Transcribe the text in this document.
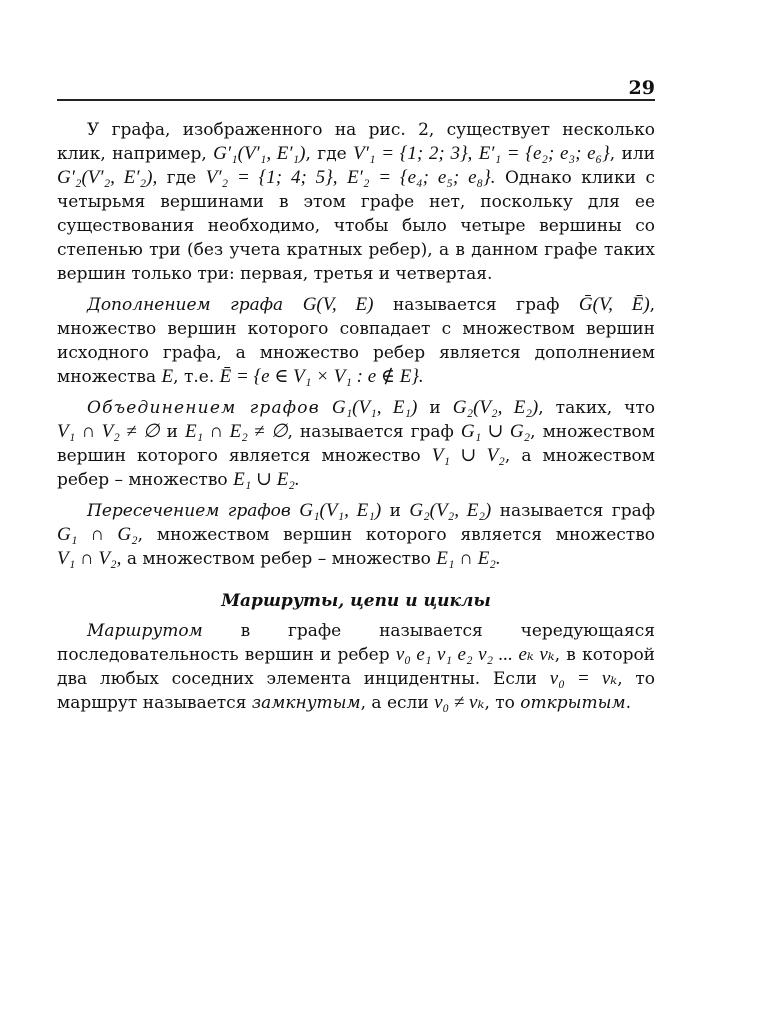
29

У графа, изображенного на рис. 2, существует несколько клик, например, G′₁(V′₁, E′₁), где V′₁ = {1; 2; 3}, E′₁ = {e₂; e₃; e₆}, или G′₂(V′₂, E′₂), где V′₂ = {1; 4; 5}, E′₂ = {e₄; e₅; e₈}. Однако клики с четырьмя вершинами в этом графе нет, поскольку для ее существования необходимо, чтобы было четыре вершины со степенью три (без учета кратных ребер), а в данном графе таких вершин только три: первая, третья и четвертая.

Дополнением графа G(V, E) называется граф Ḡ(V, Ē), множество вершин которого совпадает с множеством вершин исходного графа, а множество ребер является дополнением множества E, т.е. Ē = {e ∈ V₁ × V₁ : e ∉ E}.

Объединением графов G₁(V₁, E₁) и G₂(V₂, E₂), таких, что V₁ ∩ V₂ ≠ ∅ и E₁ ∩ E₂ ≠ ∅, называется граф G₁ ∪ G₂, множеством вершин которого является множество V₁ ∪ V₂, а множеством ребер – множество E₁ ∪ E₂.

Пересечением графов G₁(V₁, E₁) и G₂(V₂, E₂) называется граф G₁ ∩ G₂, множеством вершин которого является множество V₁ ∩ V₂, а множеством ребер – множество E₁ ∩ E₂.

Маршруты, цепи и циклы

Маршрутом в графе называется чередующаяся последовательность вершин и ребер v₀ e₁ v₁ e₂ v₂ ... eₖ vₖ, в которой два любых соседних элемента инцидентны. Если v₀ = vₖ, то маршрут называется замкнутым, а если v₀ ≠ vₖ, то открытым.
